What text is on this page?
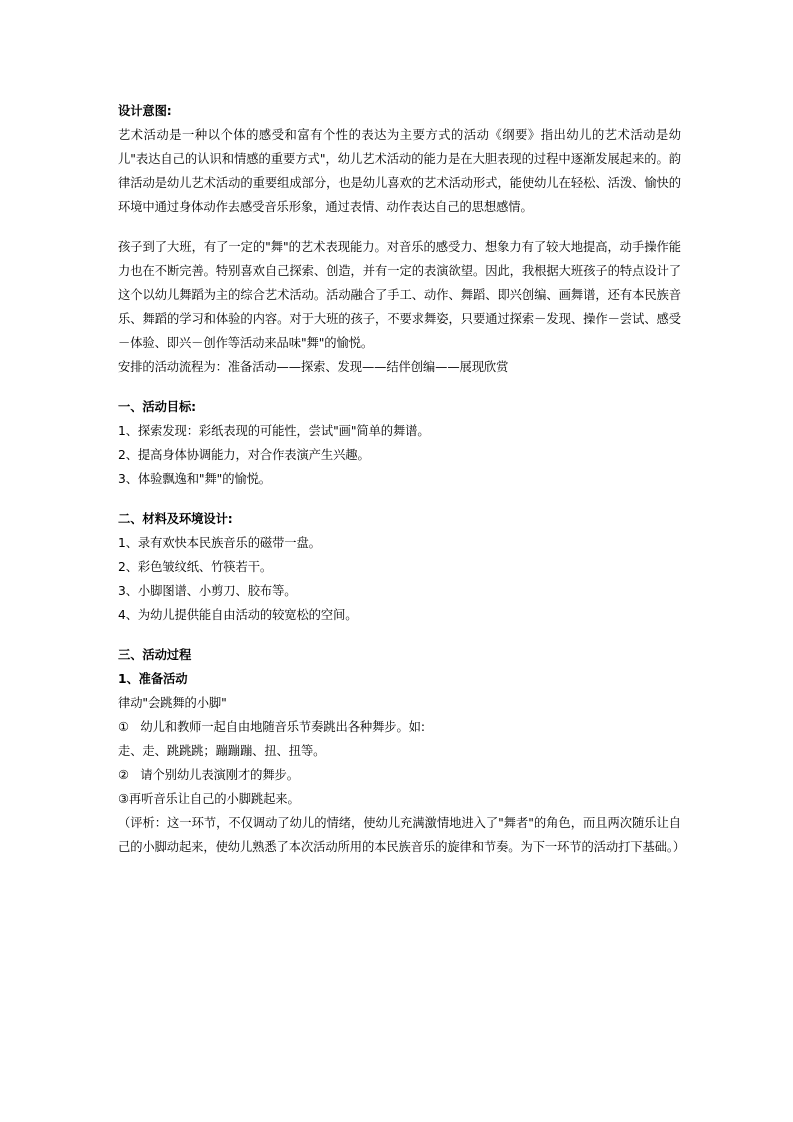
设计意图:
艺术活动是一种以个体的感受和富有个性的表达为主要方式的活动《纲要》指出幼儿的艺术活动是幼儿"表达自己的认识和情感的重要方式"，幼儿艺术活动的能力是在大胆表现的过程中逐渐发展起来的。韵律活动是幼儿艺术活动的重要组成部分，也是幼儿喜欢的艺术活动形式，能使幼儿在轻松、活泼、愉快的环境中通过身体动作去感受音乐形象，通过表情、动作表达自己的思想感情。
孩子到了大班，有了一定的"舞"的艺术表现能力。对音乐的感受力、想象力有了较大地提高，动手操作能力也在不断完善。特别喜欢自己探索、创造，并有一定的表演欲望。因此，我根据大班孩子的特点设计了这个以幼儿舞蹈为主的综合艺术活动。活动融合了手工、动作、舞蹈、即兴创编、画舞谱，还有本民族音乐、舞蹈的学习和体验的内容。对于大班的孩子，不要求舞姿，只要通过探索－发现、操作－尝试、感受－体验、即兴－创作等活动来品味"舞"的愉悦。
安排的活动流程为：准备活动——探索、发现——结伴创编——展现欣赏
一、活动目标:
1、探索发现：彩纸表现的可能性，尝试"画"简单的舞谱。
2、提高身体协调能力，对合作表演产生兴趣。
3、体验飘逸和"舞"的愉悦。
二、材料及环境设计:
1、录有欢快本民族音乐的磁带一盘。
2、彩色皱纹纸、竹筷若干。
3、小脚图谱、小剪刀、胶布等。
4、为幼儿提供能自由活动的较宽松的空间。
三、活动过程
1、准备活动
律动"会跳舞的小脚"
①   幼儿和教师一起自由地随音乐节奏跳出各种舞步。如:
走、走、跳跳跳；蹦蹦蹦、扭、扭等。
②   请个别幼儿表演刚才的舞步。
③再听音乐让自己的小脚跳起来。
（评析：这一环节，不仅调动了幼儿的情绪，使幼儿充满激情地进入了"舞者"的角色，而且两次随乐让自己的小脚动起来，使幼儿熟悉了本次活动所用的本民族音乐的旋律和节奏。为下一环节的活动打下基础。）
